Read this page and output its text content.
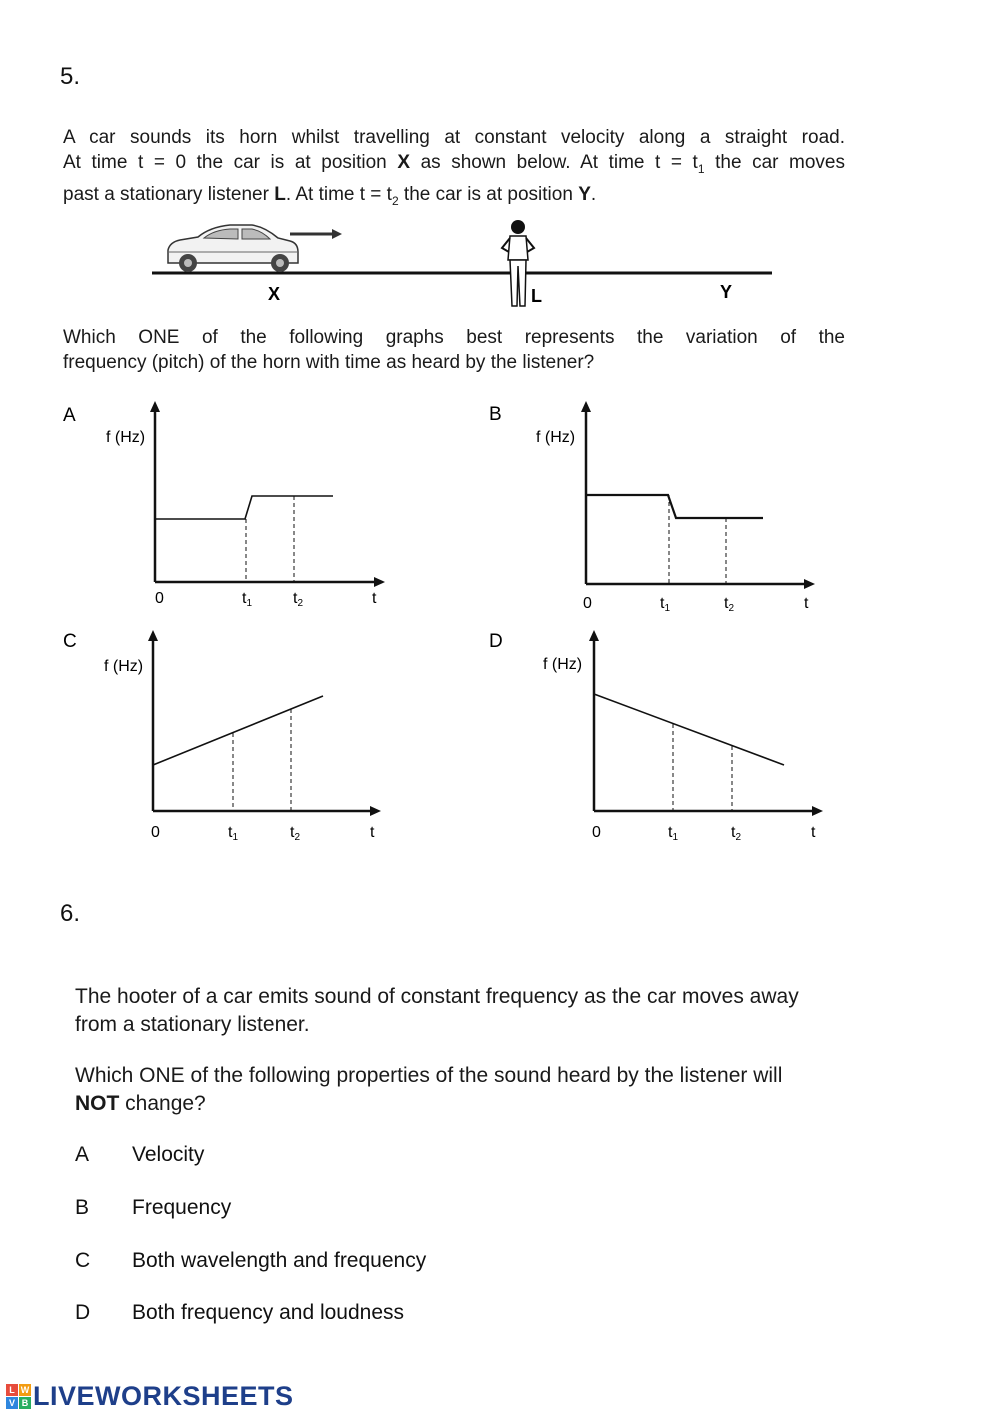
5.
A car sounds its horn whilst travelling at constant velocity along a straight road.
At time t = 0 the car is at position X as shown below. At time $t = t_1$ the car moves
past a stationary listener L. At time $t = t_2$ the car is at position Y.
X	L	Y
Which ONE of the following graphs best represents the variation of the
frequency (pitch) of the horn with time as heard by the listener?
A
f (Hz)
0	t1	t2	t
B
f (Hz)
0	t1	t2	t
C
f (Hz)
0	t1	t2	t
D
f (Hz)
0	t1	t2	t
6.
The hooter of a car emits sound of constant frequency as the car moves away
from a stationary listener.
Which ONE of the following properties of the sound heard by the listener will
NOT change?
A Velocity
B Frequency
C Both wavelength and frequency
D Both frequency and loudness
L W
V B LIVEWORKSHEETS
